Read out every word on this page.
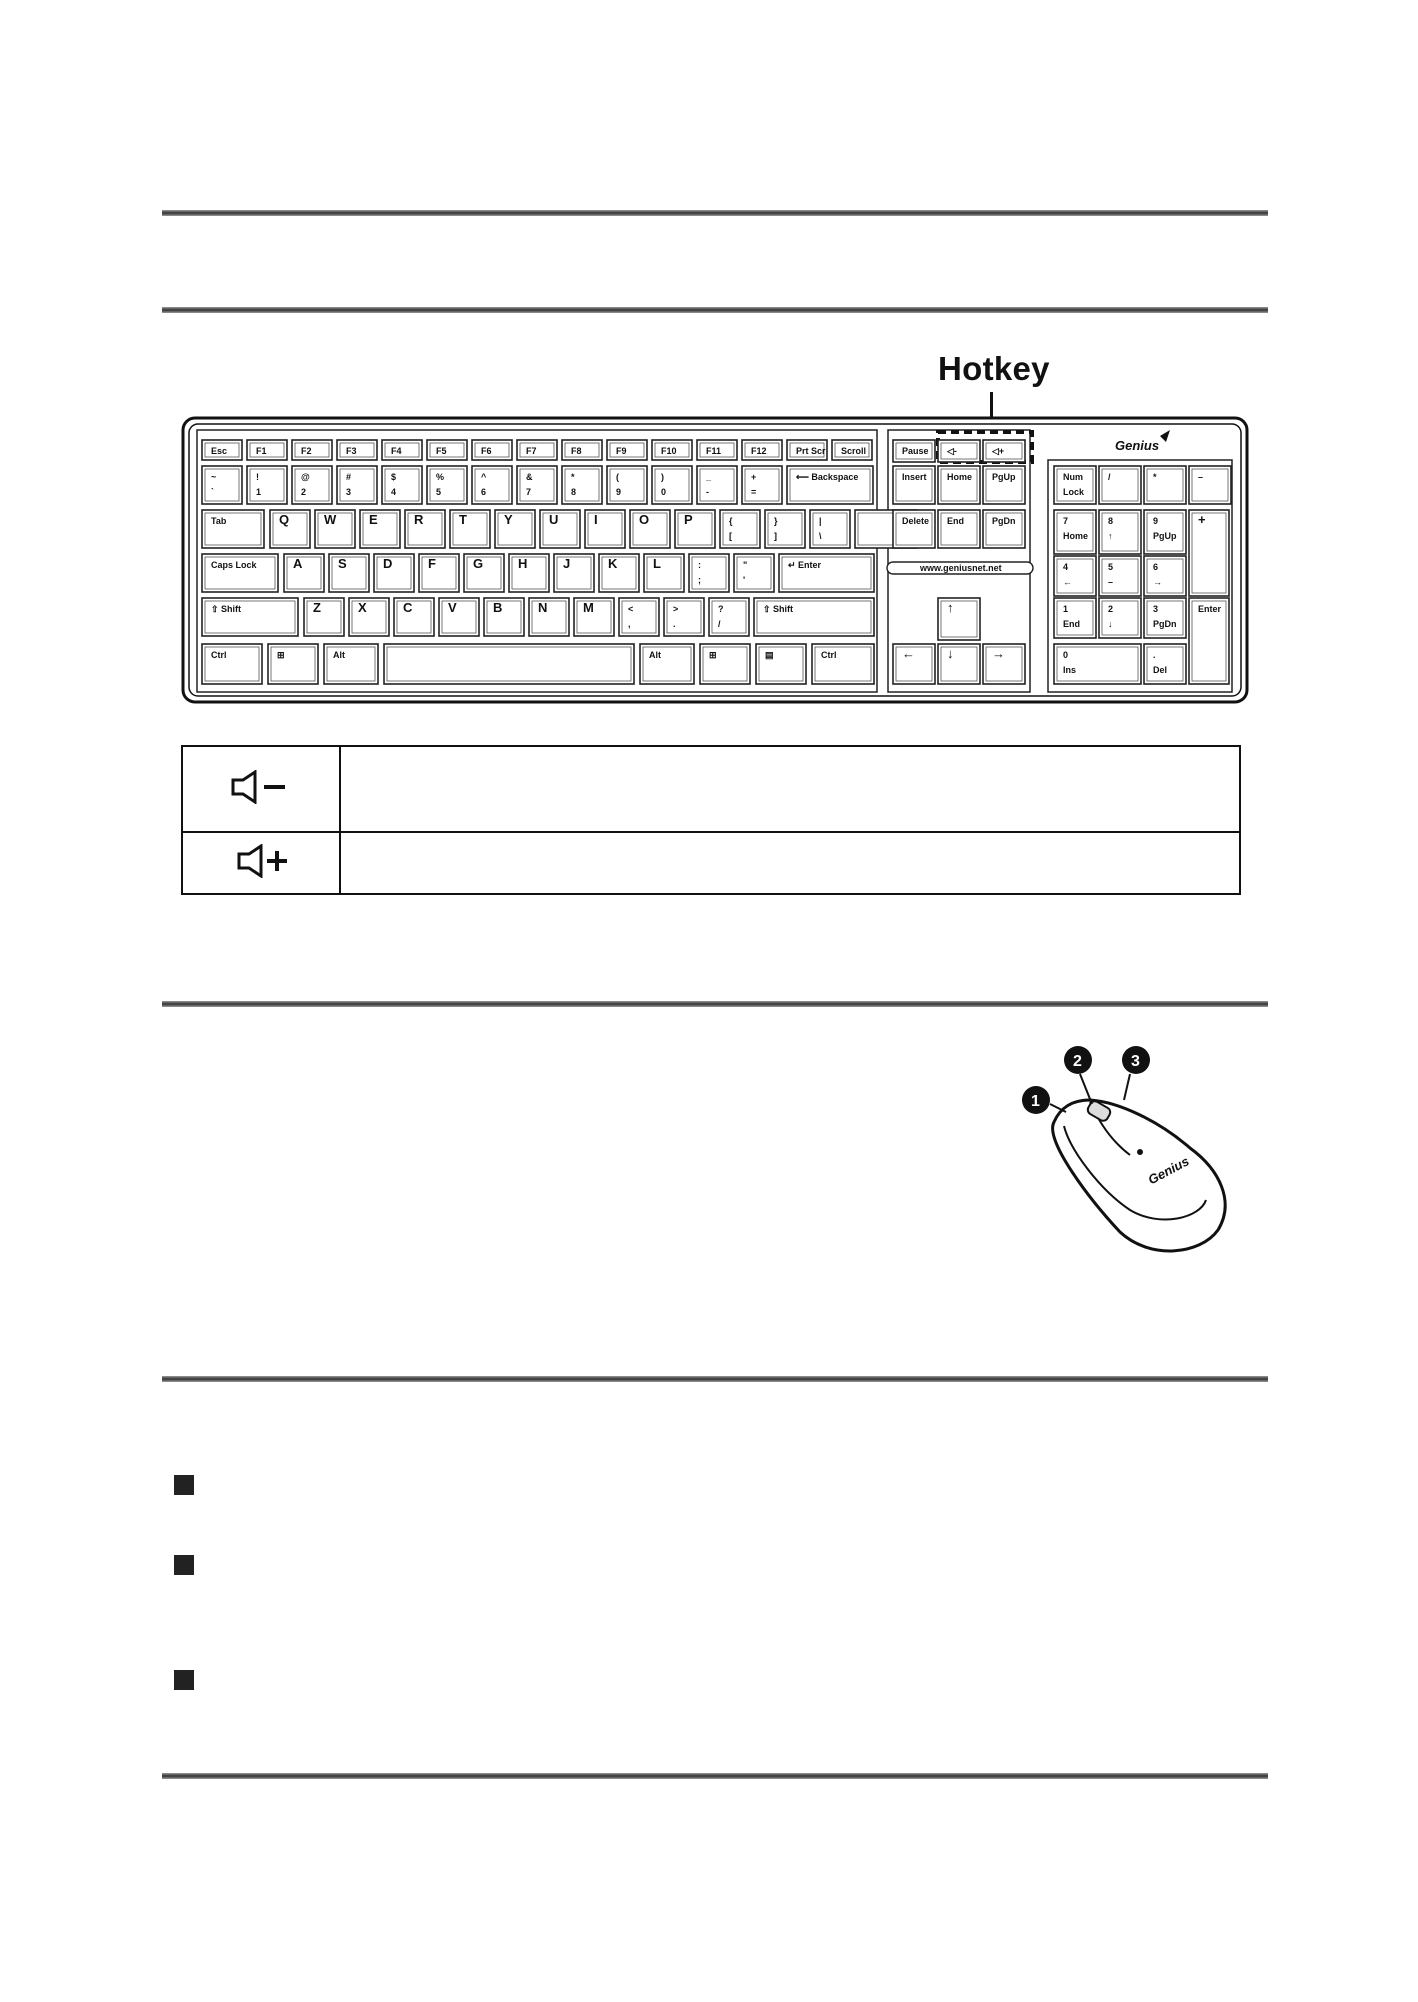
Hotkey
Esc	F1	F2	F3	F4	F5	F6	F7	F8	F9	F10	F11	F12	Prt Scr Scroll
~
`
!
1
@
2
#
3
$
4
%
5
^
6
&
7
*
8
(
9
)
0
_
-
+
=
⟵ Backspace
Tab	Q	W	E	R	T	Y	U	I	O	P	{
[
}
]
|
\
Caps Lock	A	S	D	F	G	H	J	K	L	:
;
"
'
↵ Enter
⇧ Shift	Z	X	C	V	B	N	M	<
,
>
.
?
/
⇧ Shift
Ctrl	⊞	Alt	Alt	⊞	▤	Ctrl
Pause ◁-	◁+
Insert Home PgUp
Delete End	PgDn
↑
← ↓	→
Num
Lock
/	*	–
7
Home
8
↑
9
PgUp
4
←
5
–
6
→
1
End
2
↓
3
PgDn
0
Ins
.
Del
+
Enter
www.geniusnet.net
Genius

Genius
1
2	3
